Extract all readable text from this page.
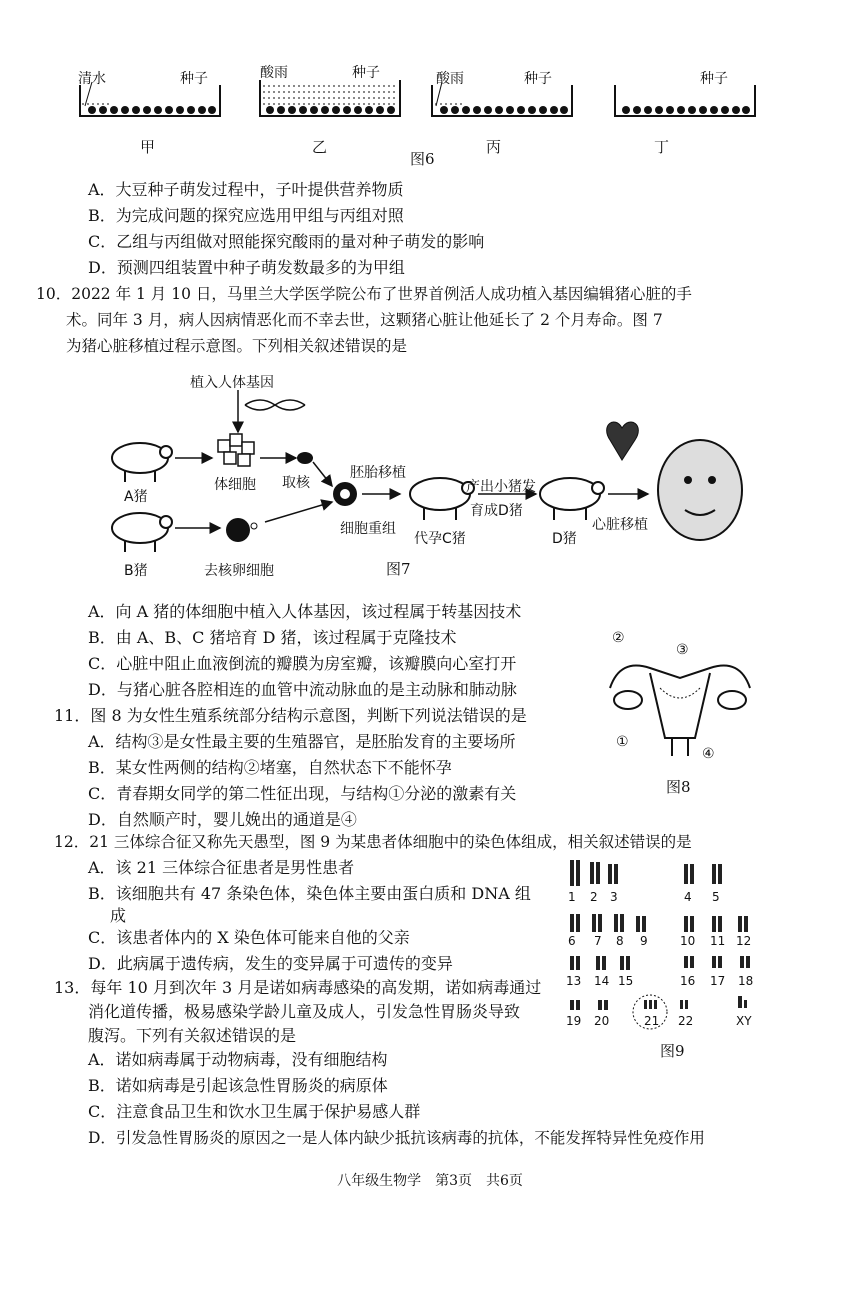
清水	种子	酸雨	种子	酸雨	种子	种子
甲	乙	丙	丁
图6
A．大豆种子萌发过程中，子叶提供营养物质
B．为完成问题的探究应选用甲组与丙组对照
C．乙组与丙组做对照能探究酸雨的量对种子萌发的影响
D．预测四组装置中种子萌发数最多的为甲组
10．2022 年 1 月 10 日，马里兰大学医学院公布了世界首例活人成功植入基因编辑猪心脏的手
术。同年 3 月，病人因病情恶化而不幸去世，这颗猪心脏让他延长了 2 个月寿命。图 7
为猪心脏移植过程示意图。下列相关叙述错误的是
植入人体基因
A猪
体细胞 取核
胚胎移植
细胞重组
代孕C猪
产出小猪发
育成D猪
D猪
心脏移植
B猪	去核卵细胞	图7
A．向 A 猪的体细胞中植入人体基因，该过程属于转基因技术
B．由 A、B、C 猪培育 D 猪，该过程属于克隆技术
C．心脏中阻止血液倒流的瓣膜为房室瓣，该瓣膜向心室打开
D．与猪心脏各腔相连的血管中流动脉血的是主动脉和肺动脉
11．图 8 为女性生殖系统部分结构示意图，判断下列说法错误的是
A．结构③是女性最主要的生殖器官，是胚胎发育的主要场所
B．某女性两侧的结构②堵塞，自然状态下不能怀孕
C．青春期女同学的第二性征出现，与结构①分泌的激素有关
D．自然顺产时，婴儿娩出的通道是④
②
③
①
④
图8
12．21 三体综合征又称先天愚型，图 9 为某患者体细胞中的染色体组成，相关叙述错误的是
A．该 21 三体综合征患者是男性患者
B．该细胞共有 47 条染色体，染色体主要由蛋白质和 DNA 组
成
C．该患者体内的 X 染色体可能来自他的父亲
D．此病属于遗传病，发生的变异属于可遗传的变异
1 2 3	4 5
6 7 8 9	10 11 12
13 14 15	16 17 18
19 20	21 22	XY
图9
13．每年 10 月到次年 3 月是诺如病毒感染的高发期，诺如病毒通过
消化道传播，极易感染学龄儿童及成人，引发急性胃肠炎导致
腹泻。下列有关叙述错误的是
A．诺如病毒属于动物病毒，没有细胞结构
B．诺如病毒是引起该急性胃肠炎的病原体
C．注意食品卫生和饮水卫生属于保护易感人群
D．引发急性胃肠炎的原因之一是人体内缺少抵抗该病毒的抗体，不能发挥特异性免疫作用
八年级生物学　第3页　共6页
